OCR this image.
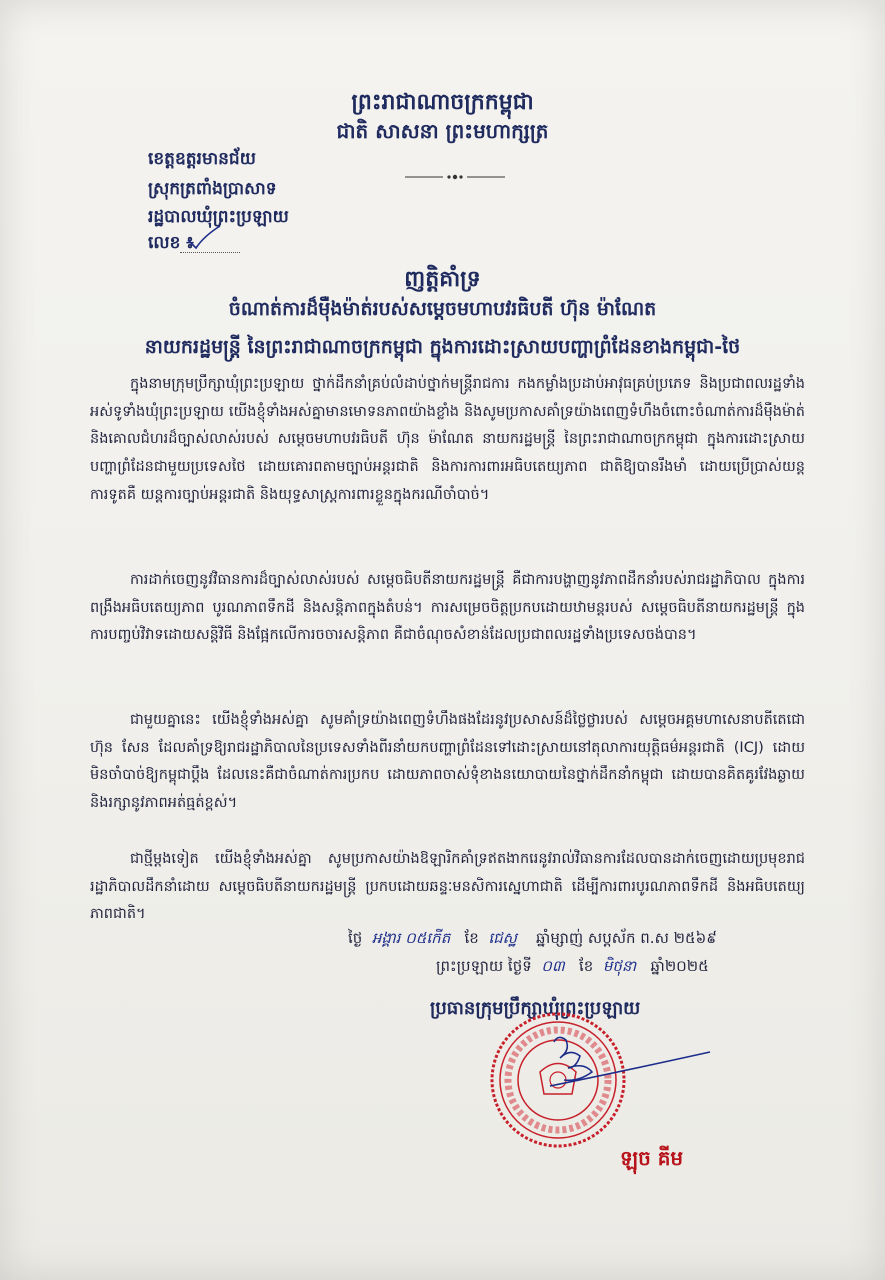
ព្រះរាជាណាចក្រកម្ពុជា
ជាតិ សាសនា ព្រះមហាក្សត្រ
ខេត្តឧត្តរមានជ័យ
ស្រុកត្រពាំងប្រាសាទ
រដ្ឋបាលឃុំព្រះប្រឡាយ
លេខ ៖
ញត្តិគាំទ្រ
ចំណាត់ការដ៏ម៉ឺងម៉ាត់របស់សម្តេចមហាបវរធិបតី ហ៊ុន ម៉ាណែត
នាយករដ្ឋមន្ត្រី នៃព្រះរាជាណាចក្រកម្ពុជា ក្នុងការដោះស្រាយបញ្ហាព្រំដែនខាងកម្ពុជា-ថៃ
ក្នុងនាមក្រុមប្រឹក្សាឃុំព្រះប្រឡាយ ថ្នាក់ដឹកនាំគ្រប់លំដាប់ថ្នាក់មន្ត្រីរាជការ កងកម្លាំងប្រដាប់អាវុធគ្រប់ប្រភេទ និងប្រជាពលរដ្ឋទាំងអស់ទូទាំងឃុំព្រះប្រឡាយ យើងខ្ញុំទាំងអស់គ្នាមានមោទនភាពយ៉ាងខ្លាំង និងសូមប្រកាសគាំទ្រយ៉ាងពេញទំហឹងចំពោះចំណាត់ការដ៏ម៉ឺងម៉ាត់ និងគោលជំហរដ៏ច្បាស់លាស់របស់ សម្តេចមហាបវរធិបតី ហ៊ុន ម៉ាណែត នាយករដ្ឋមន្ត្រី នៃព្រះរាជាណាចក្រកម្ពុជា ក្នុងការដោះស្រាយបញ្ហាព្រំដែនជាមួយប្រទេសថៃ ដោយគោរពតាមច្បាប់អន្តរជាតិ និងការការពារអធិបតេយ្យភាព ជាតិឱ្យបានរឹងមាំ ដោយប្រើប្រាស់យន្តការទូតគឺ យន្តការច្បាប់អន្តរជាតិ និងយុទ្ធសាស្ត្រការពារខ្លួនក្នុងករណីចាំបាច់។
ការដាក់ចេញនូវវិធានការដ៏ច្បាស់លាស់របស់ សម្តេចធិបតីនាយករដ្ឋមន្ត្រី គឺជាការបង្ហាញនូវភាពដឹកនាំរបស់រាជរដ្ឋាភិបាល ក្នុងការពង្រឹងអធិបតេយ្យភាព បូរណភាពទឹកដី និងសន្តិភាពក្នុងតំបន់។ ការសម្រេចចិត្តប្រកបដោយឋាមន្តរបស់ សម្តេចធិបតីនាយករដ្ឋមន្ត្រី ក្នុងការបញ្ចប់វិវាទដោយសន្តិវិធី និងផ្អែកលើការចចារសន្តិភាព គឺជាចំណុចសំខាន់ដែលប្រជាពលរដ្ឋទាំងប្រទេសចង់បាន។
ជាមួយគ្នានេះ យើងខ្ញុំទាំងអស់គ្នា សូមគាំទ្រយ៉ាងពេញទំហឹងផងដែរនូវប្រសាសន៍ដ៏ថ្លៃថ្លារបស់ សម្តេចអគ្គមហាសេនាបតីតេជោ ហ៊ុន សែន ដែលគាំទ្រឱ្យរាជរដ្ឋាភិបាលនៃប្រទេសទាំងពីរនាំយកបញ្ហាព្រំដែនទៅដោះស្រាយនៅតុលាការយុត្តិធម៌អន្តរជាតិ (ICJ) ដោយមិនចាំបាច់ឱ្យកម្ពុជាប្តឹង ដែលនេះគឺជាចំណាត់ការប្រកប ដោយភាពចាស់ទុំខាងនយោបាយនៃថ្នាក់ដឹកនាំកម្ពុជា ដោយបានគិតគូរវែងឆ្ងាយ និងរក្សានូវភាពអត់ធ្មត់ខ្ពស់។
ជាថ្មីម្តងទៀត យើងខ្ញុំទាំងអស់គ្នា សូមប្រកាសយ៉ាងឱឡារិកគាំទ្រឥតងាករេនូវរាល់វិធានការដែលបានដាក់ចេញដោយប្រមុខរាជរដ្ឋាភិបាលដឹកនាំដោយ សម្តេចធិបតីនាយករដ្ឋមន្ត្រី ប្រកបដោយឆន្ទៈមនសិការស្នេហាជាតិ ដើម្បីការពារបូរណភាពទឹកដី និងអធិបតេយ្យភាពជាតិ។
ថ្ងៃ អង្គារ ០៥កើត ខែ ជេស្ឋ ឆ្នាំម្សាញ់ សប្តស័ក ព.ស ២៥៦៩
ព្រះប្រឡាយ ថ្ងៃទី ០៣ ខែ មិថុនា ឆ្នាំ២០២៥
ប្រធានក្រុមប្រឹក្សាឃុំព្រះប្រឡាយ
ឡុច គីម
